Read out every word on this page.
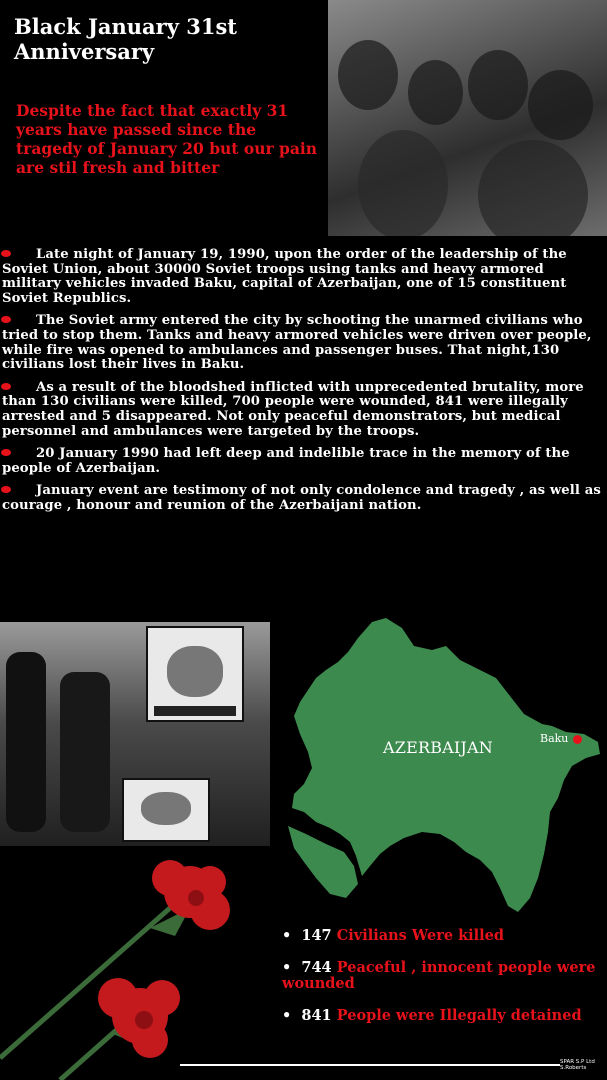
Black January 31st Anniversary
Despite the fact that exactly 31 years have passed since the tragedy of January 20 but our pain are stil fresh and bitter
Late night of January 19, 1990, upon the order of the leadership of the Soviet Union, about 30000 Soviet troops using tanks and heavy armored military vehicles invaded Baku, capital of Azerbaijan, one of 15 constituent Soviet Republics.
The Soviet army entered the city by schooting the unarmed civilians who tried to stop them. Tanks and heavy armored vehicles were driven over people, while fire was opened to ambulances and passenger buses. That night,130 civilians lost their lives in Baku.
As a result of the bloodshed inflicted with unprecedented brutality, more than 130 civilians were killed, 700 people were wounded, 841 were illegally arrested and 5 disappeared. Not only peaceful demonstrators, but medical personnel and ambulances were targeted by the troops.
20 January 1990 had left deep and indelible trace in the memory of the people of Azerbaijan.
January event are testimony of not only condolence and tragedy , as well as courage , honour and reunion of the Azerbaijani nation.
AZERBAIJAN	Baku
•  147 Civilians Were killed
•  744 Peaceful , innocent people were wounded
•  841 People were Illegally detained
SPAR S.P Ltd
S.Roberts
